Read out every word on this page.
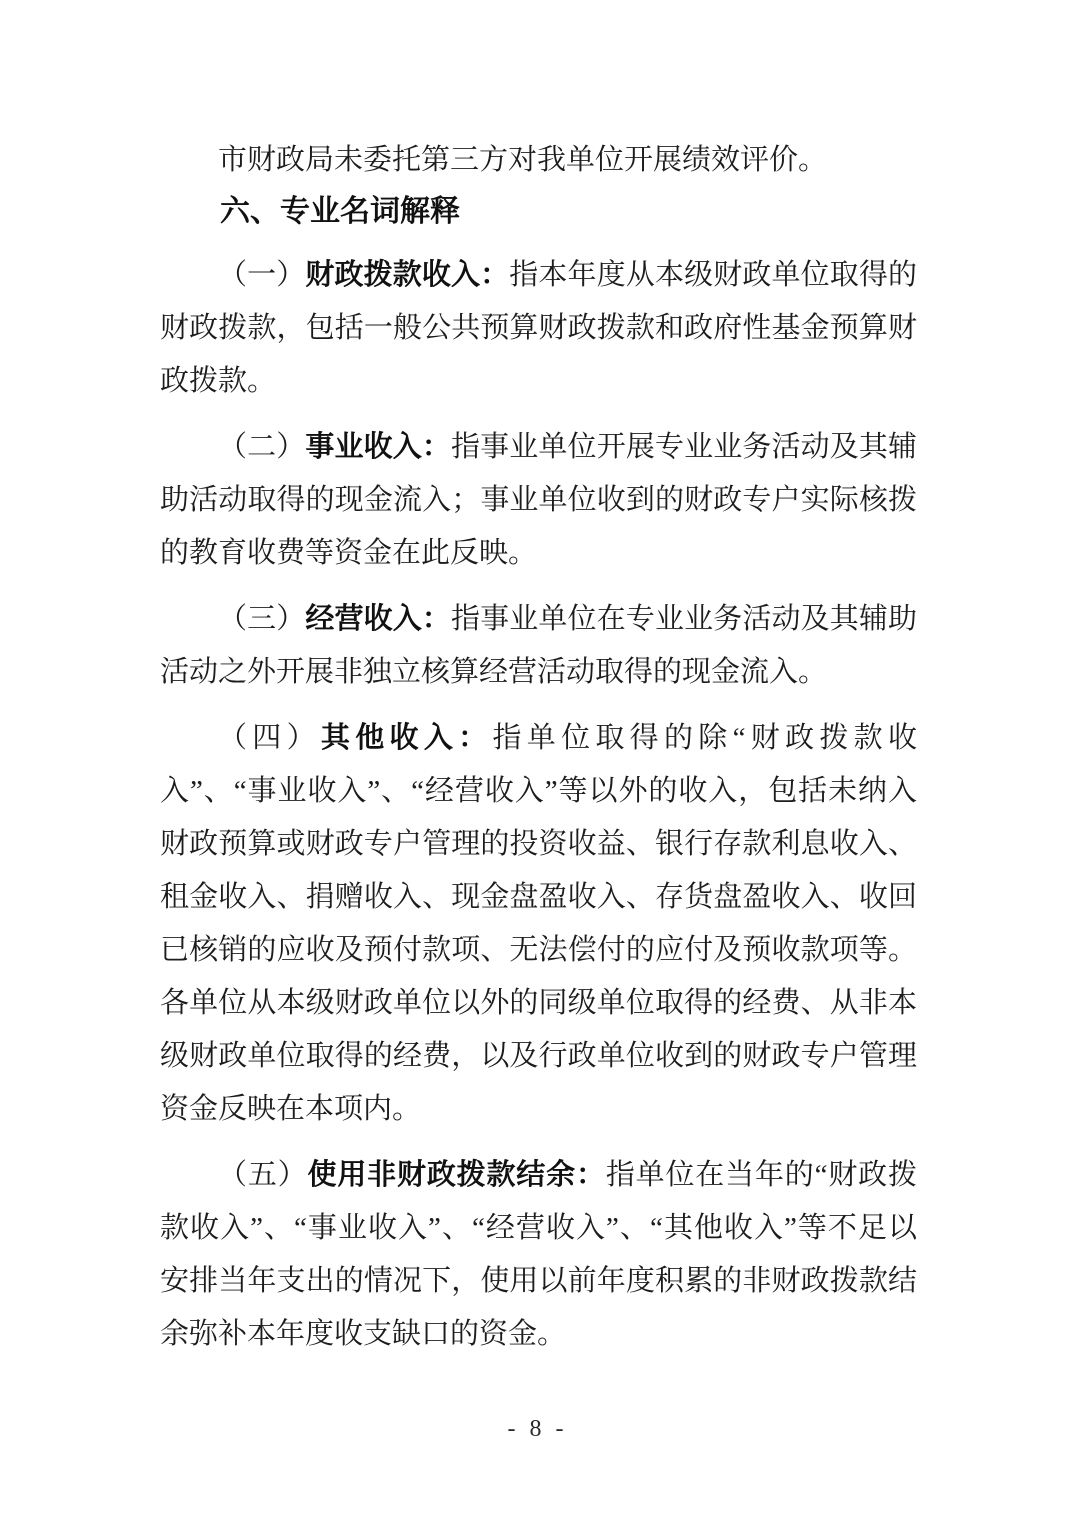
市财政局未委托第三方对我单位开展绩效评价。

六、专业名词解释

（一）财政拨款收入：指本年度从本级财政单位取得的财政拨款，包括一般公共预算财政拨款和政府性基金预算财政拨款。

（二）事业收入：指事业单位开展专业业务活动及其辅助活动取得的现金流入；事业单位收到的财政专户实际核拨的教育收费等资金在此反映。

（三）经营收入：指事业单位在专业业务活动及其辅助活动之外开展非独立核算经营活动取得的现金流入。

（四）其他收入：指单位取得的除“财政拨款收入”、“事业收入”、“经营收入”等以外的收入，包括未纳入财政预算或财政专户管理的投资收益、银行存款利息收入、租金收入、捐赠收入、现金盘盈收入、存货盘盈收入、收回已核销的应收及预付款项、无法偿付的应付及预收款项等。各单位从本级财政单位以外的同级单位取得的经费、从非本级财政单位取得的经费，以及行政单位收到的财政专户管理资金反映在本项内。

（五）使用非财政拨款结余：指单位在当年的“财政拨款收入”、“事业收入”、“经营收入”、“其他收入”等不足以安排当年支出的情况下，使用以前年度积累的非财政拨款结余弥补本年度收支缺口的资金。

- 8 -
